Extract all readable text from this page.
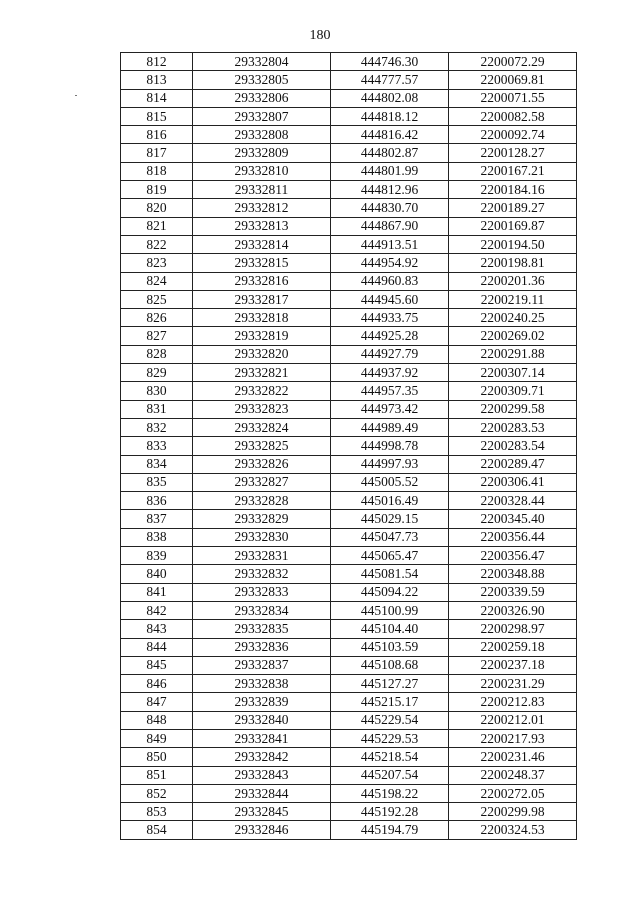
180
812	29332804	444746.30	2200072.29
813	29332805	444777.57	2200069.81
814	29332806	444802.08	2200071.55
815	29332807	444818.12	2200082.58
816	29332808	444816.42	2200092.74
817	29332809	444802.87	2200128.27
818	29332810	444801.99	2200167.21
819	29332811	444812.96	2200184.16
820	29332812	444830.70	2200189.27
821	29332813	444867.90	2200169.87
822	29332814	444913.51	2200194.50
823	29332815	444954.92	2200198.81
824	29332816	444960.83	2200201.36
825	29332817	444945.60	2200219.11
826	29332818	444933.75	2200240.25
827	29332819	444925.28	2200269.02
828	29332820	444927.79	2200291.88
829	29332821	444937.92	2200307.14
830	29332822	444957.35	2200309.71
831	29332823	444973.42	2200299.58
832	29332824	444989.49	2200283.53
833	29332825	444998.78	2200283.54
834	29332826	444997.93	2200289.47
835	29332827	445005.52	2200306.41
836	29332828	445016.49	2200328.44
837	29332829	445029.15	2200345.40
838	29332830	445047.73	2200356.44
839	29332831	445065.47	2200356.47
840	29332832	445081.54	2200348.88
841	29332833	445094.22	2200339.59
842	29332834	445100.99	2200326.90
843	29332835	445104.40	2200298.97
844	29332836	445103.59	2200259.18
845	29332837	445108.68	2200237.18
846	29332838	445127.27	2200231.29
847	29332839	445215.17	2200212.83
848	29332840	445229.54	2200212.01
849	29332841	445229.53	2200217.93
850	29332842	445218.54	2200231.46
851	29332843	445207.54	2200248.37
852	29332844	445198.22	2200272.05
853	29332845	445192.28	2200299.98
854	29332846	445194.79	2200324.53
